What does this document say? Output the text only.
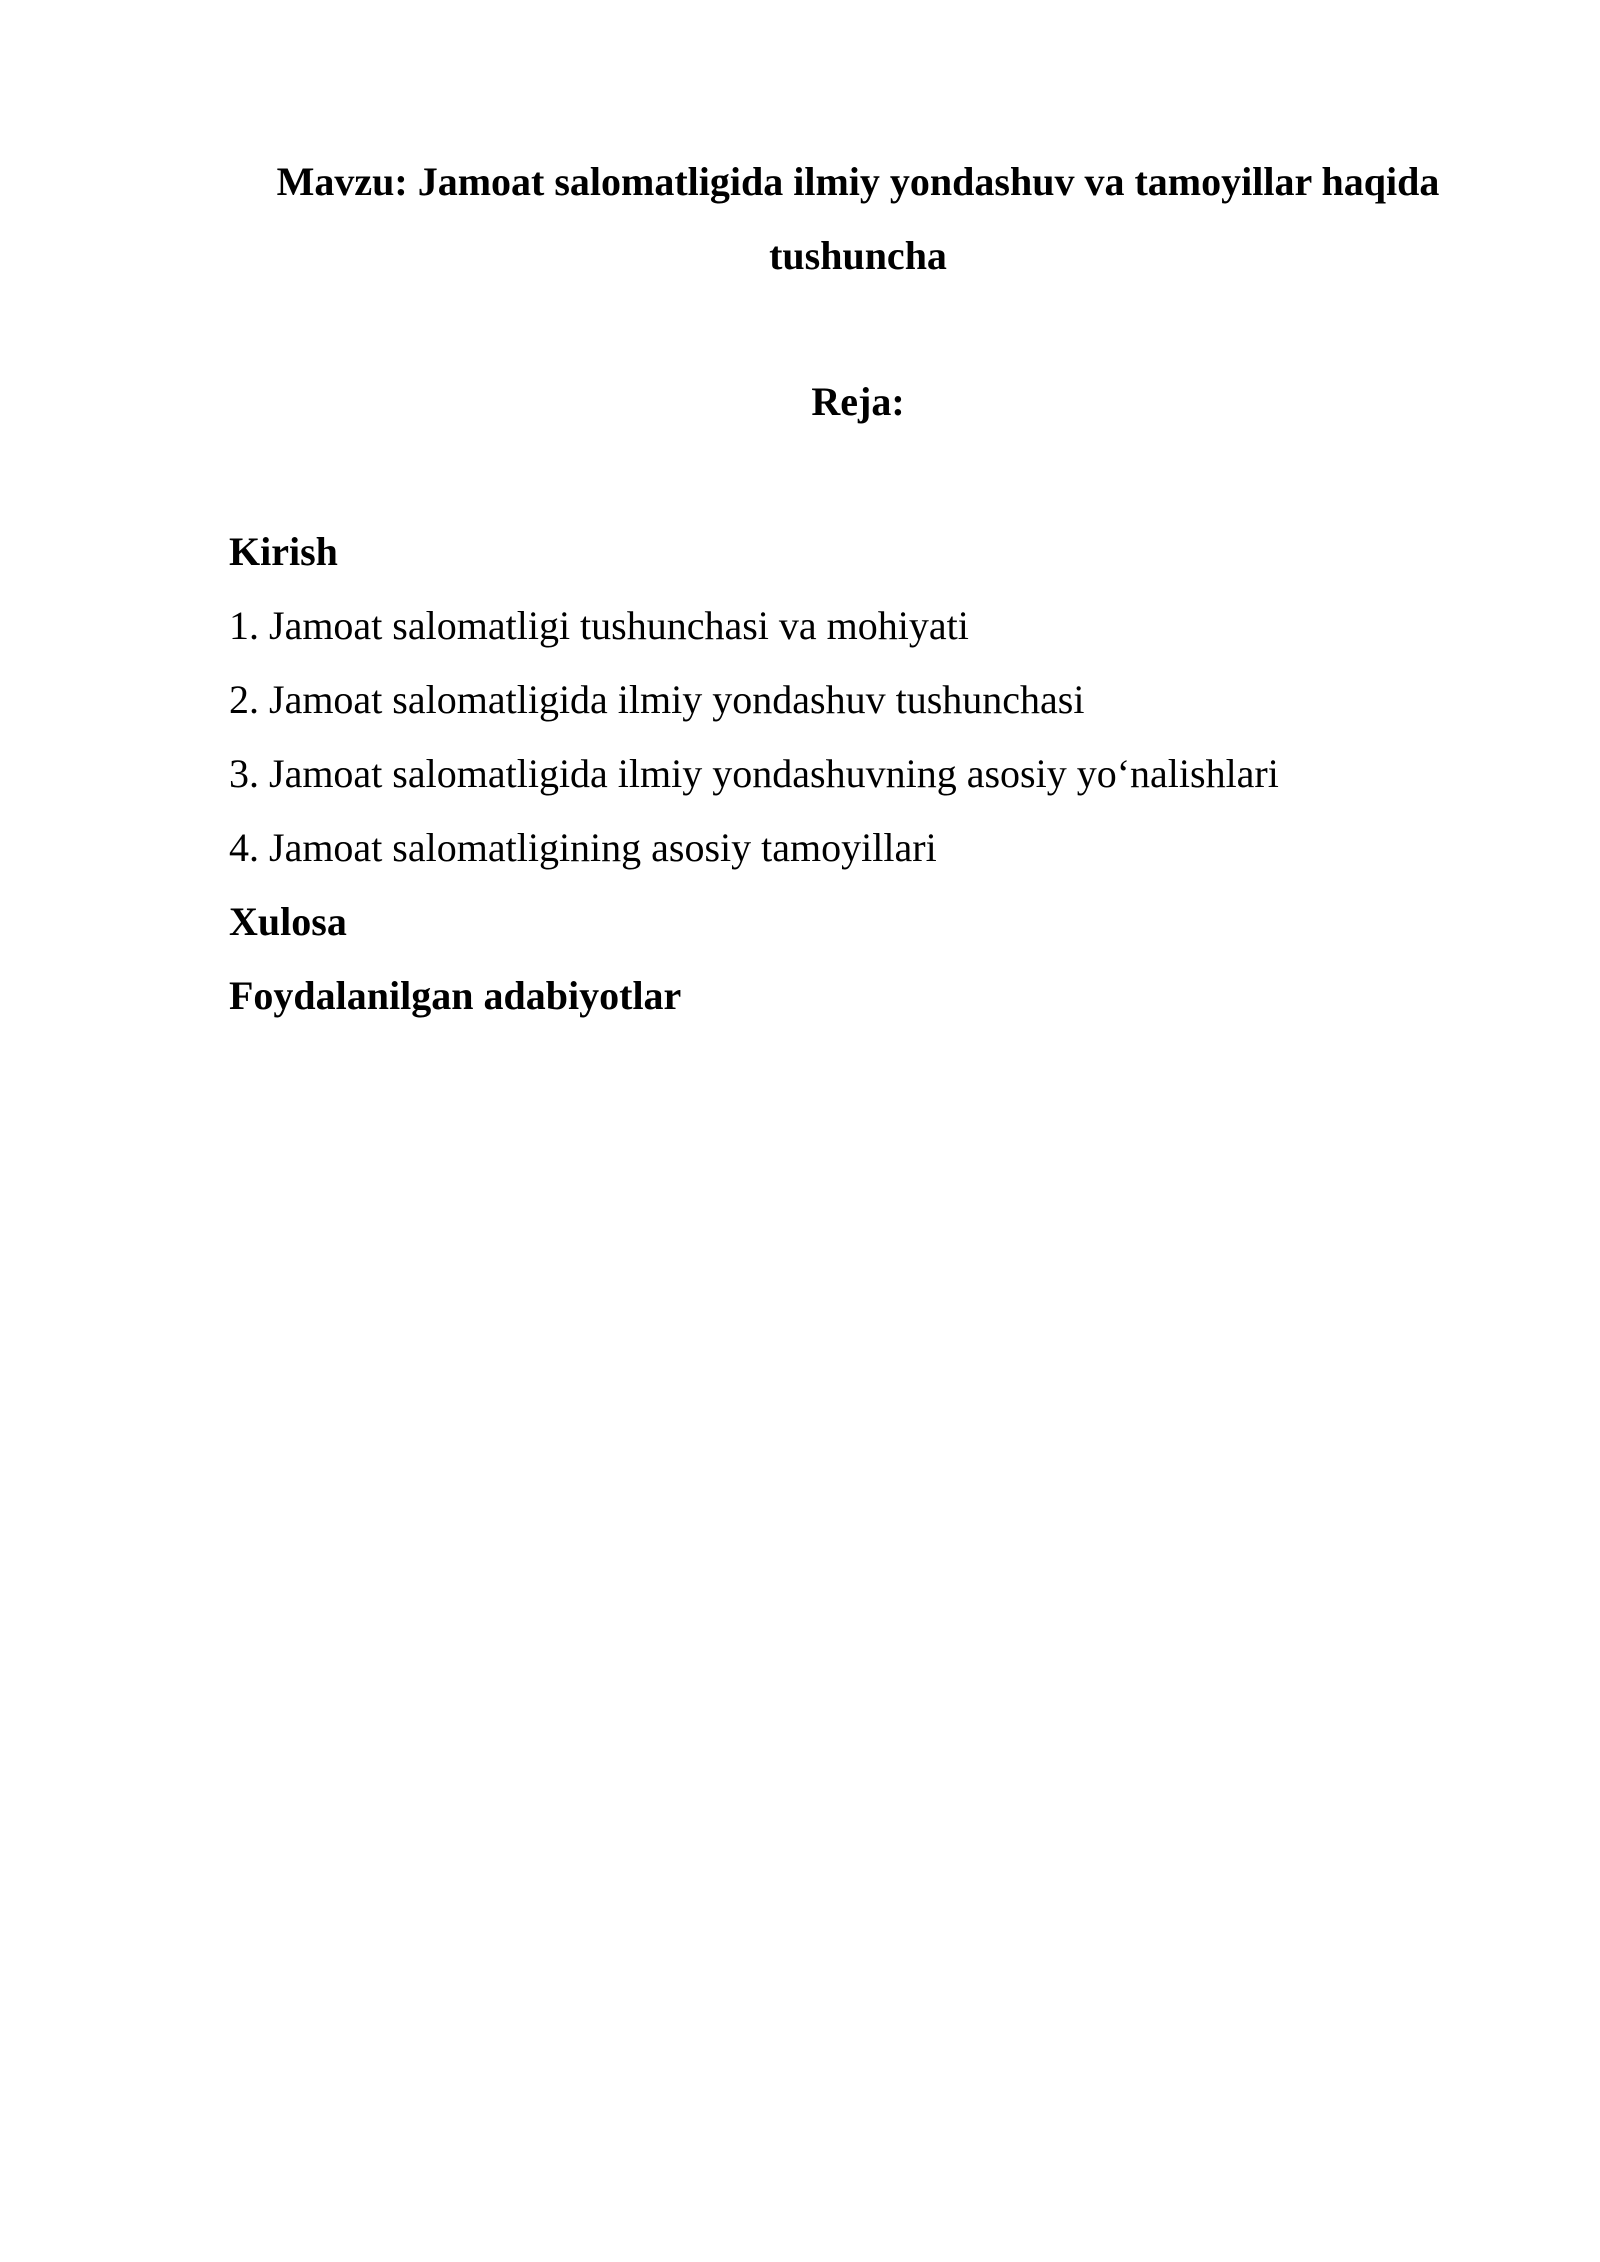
Mavzu: Jamoat salomatligida ilmiy yondashuv va tamoyillar haqida tushuncha
Reja:
Kirish
1. Jamoat salomatligi tushunchasi va mohiyati
2. Jamoat salomatligida ilmiy yondashuv tushunchasi
3. Jamoat salomatligida ilmiy yondashuvning asosiy yo‘nalishlari
4. Jamoat salomatligining asosiy tamoyillari
Xulosa
Foydalanilgan adabiyotlar
